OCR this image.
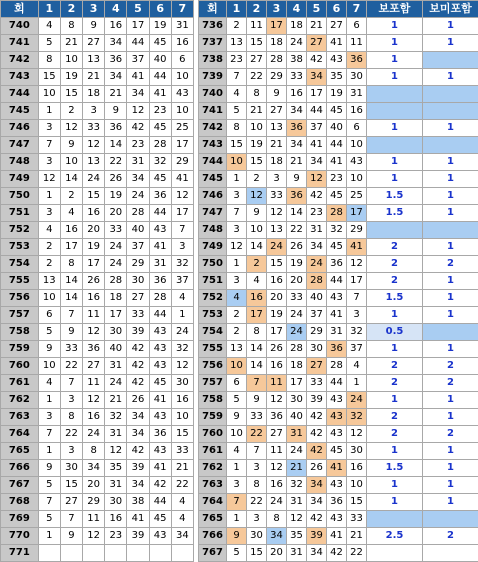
회	1	2	3	4	5	6	7
740	4	8	9	16	17	19	31
741	5	21	27	34	44	45	16
742	8	10	13	36	37	40	6
743	15	19	21	34	41	44	10
744	10	15	18	21	34	41	43
745	1	2	3	9	12	23	10
746	3	12	33	36	42	45	25
747	7	9	12	14	23	28	17
748	3	10	13	22	31	32	29
749	12	14	24	26	34	45	41
750	1	2	15	19	24	36	12
751	3	4	16	20	28	44	17
752	4	16	20	33	40	43	7
753	2	17	19	24	37	41	3
754	2	8	17	24	29	31	32
755	13	14	26	28	30	36	37
756	10	14	16	18	27	28	4
757	6	7	11	17	33	44	1
758	5	9	12	30	39	43	24
759	9	33	36	40	42	43	32
760	10	22	27	31	42	43	12
761	4	7	11	24	42	45	30
762	1	3	12	21	26	41	16
763	3	8	16	32	34	43	10
764	7	22	24	31	34	36	15
765	1	3	8	12	42	43	33
766	9	30	34	35	39	41	21
767	5	15	20	31	34	42	22
768	7	27	29	30	38	44	4
769	5	7	11	16	41	45	4
770	1	9	12	23	39	43	34
771							
회	1	2	3	4	5	6	7	보포함	보미포함
736	2	11	17	18	21	27	6	1	1
737	13	15	18	24	27	41	11	1	1
738	23	27	28	38	42	43	36	1	
739	7	22	29	33	34	35	30	1	1
740	4	8	9	16	17	19	31		
741	5	21	27	34	44	45	16		
742	8	10	13	36	37	40	6	1	1
743	15	19	21	34	41	44	10		
744	10	15	18	21	34	41	43	1	1
745	1	2	3	9	12	23	10	1	1
746	3	12	33	36	42	45	25	1.5	1
747	7	9	12	14	23	28	17	1.5	1
748	3	10	13	22	31	32	29		
749	12	14	24	26	34	45	41	2	1
750	1	2	15	19	24	36	12	2	2
751	3	4	16	20	28	44	17	2	1
752	4	16	20	33	40	43	7	1.5	1
753	2	17	19	24	37	41	3	1	1
754	2	8	17	24	29	31	32	0.5	
755	13	14	26	28	30	36	37	1	1
756	10	14	16	18	27	28	4	2	2
757	6	7	11	17	33	44	1	2	2
758	5	9	12	30	39	43	24	1	1
759	9	33	36	40	42	43	32	2	1
760	10	22	27	31	42	43	12	2	2
761	4	7	11	24	42	45	30	1	1
762	1	3	12	21	26	41	16	1.5	1
763	3	8	16	32	34	43	10	1	1
764	7	22	24	31	34	36	15	1	1
765	1	3	8	12	42	43	33		
766	9	30	34	35	39	41	21	2.5	2
767	5	15	20	31	34	42	22		
